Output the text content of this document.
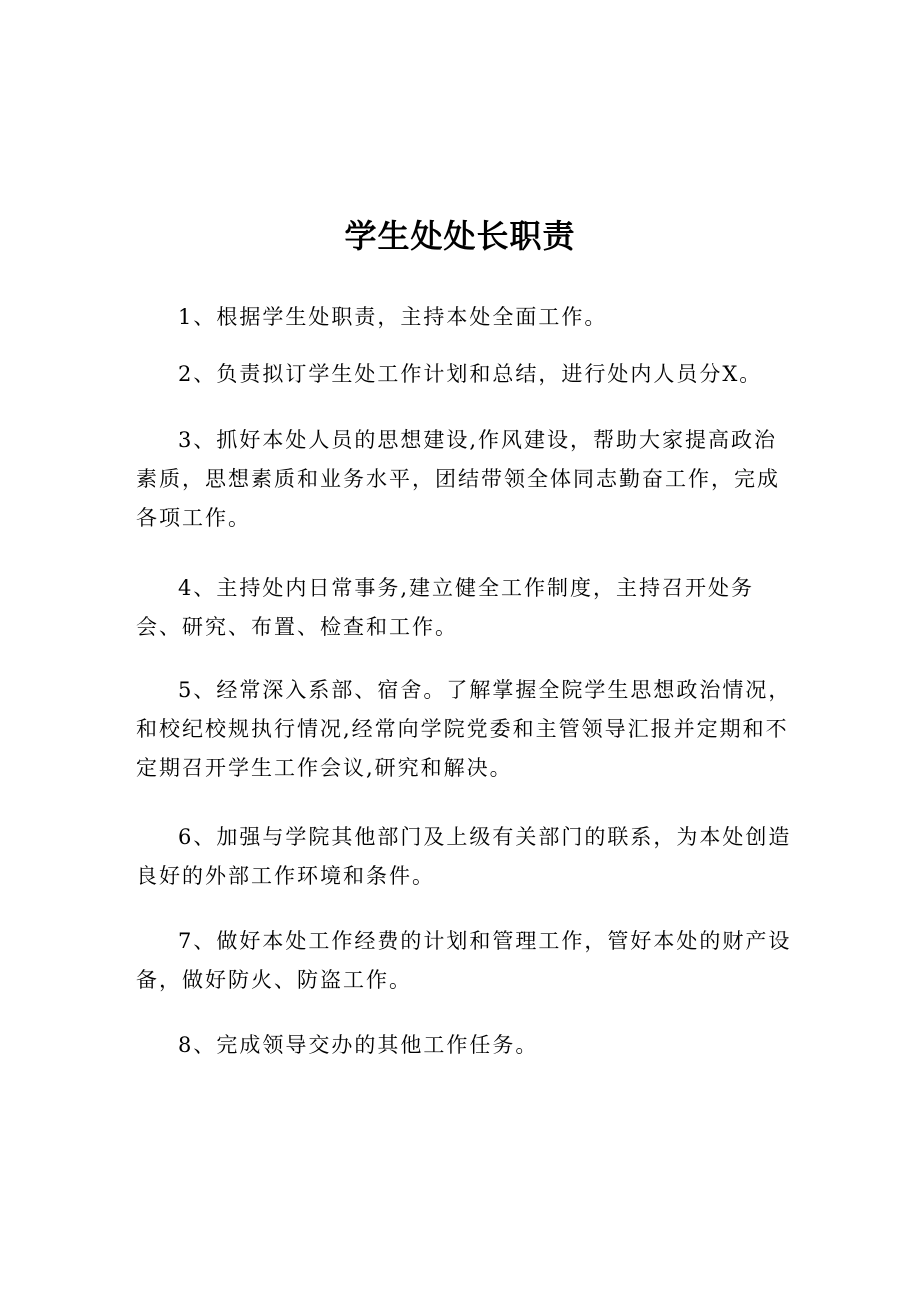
学生处处长职责

1、根据学生处职责，主持本处全面工作。

2、负责拟订学生处工作计划和总结，进行处内人员分X。

3、抓好本处人员的思想建设,作风建设，帮助大家提高政治素质，思想素质和业务水平，团结带领全体同志勤奋工作，完成各项工作。

4、主持处内日常事务,建立健全工作制度，主持召开处务会、研究、布置、检查和工作。

5、经常深入系部、宿舍。了解掌握全院学生思想政治情况，和校纪校规执行情况,经常向学院党委和主管领导汇报并定期和不定期召开学生工作会议,研究和解决。

6、加强与学院其他部门及上级有关部门的联系，为本处创造良好的外部工作环境和条件。

7、做好本处工作经费的计划和管理工作，管好本处的财产设备，做好防火、防盗工作。

8、完成领导交办的其他工作任务。
